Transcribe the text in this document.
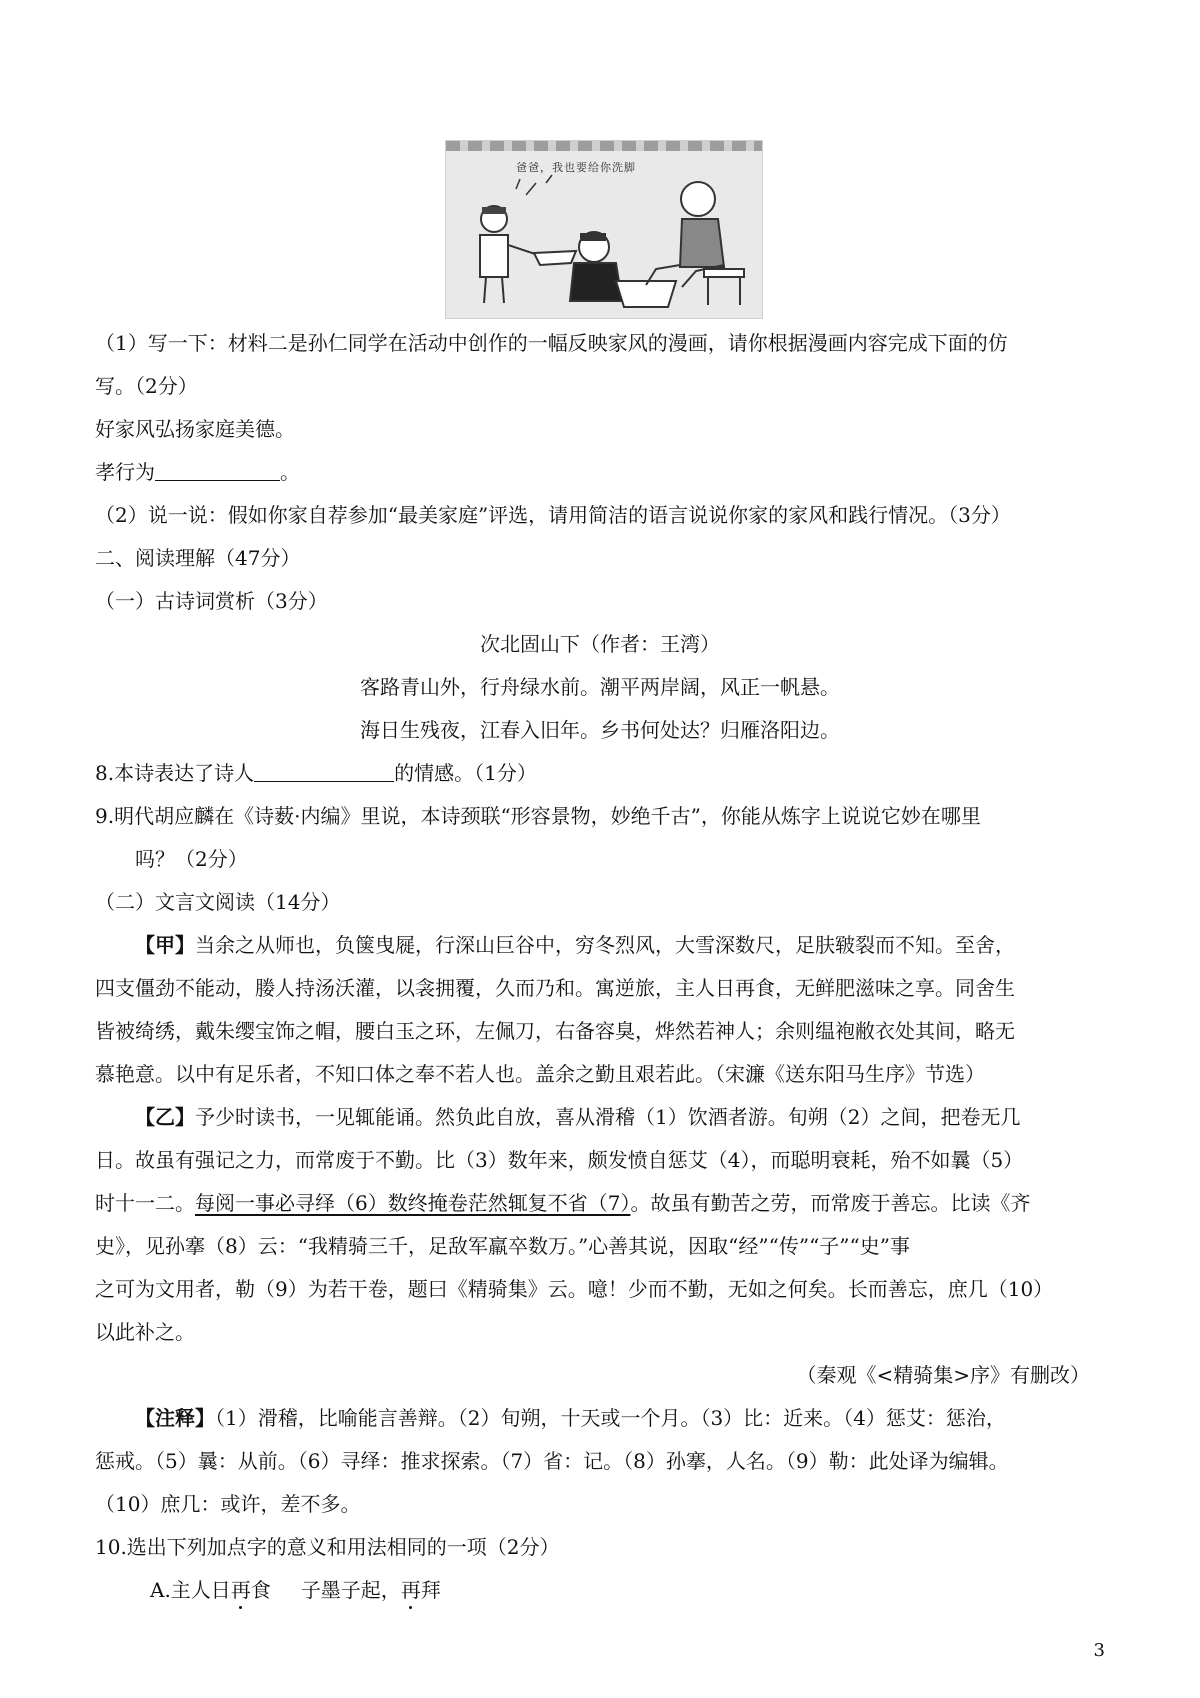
爸爸，我也要给你洗脚
（1）写一下：材料二是孙仁同学在活动中创作的一幅反映家风的漫画，请你根据漫画内容完成下面的仿
写。（2分）
好家风弘扬家庭美德。
孝行为	。
（2）说一说：假如你家自荐参加“最美家庭”评选，请用简洁的语言说说你家的家风和践行情况。（3分）
二、阅读理解（47分）
（一）古诗词赏析（3分）
次北固山下（作者：王湾）
客路青山外，行舟绿水前。潮平两岸阔，风正一帆悬。
海日生残夜，江春入旧年。乡书何处达？归雁洛阳边。
8.本诗表达了诗人	的情感。（1分）
9.明代胡应麟在《诗薮·内编》里说，本诗颈联“形容景物，妙绝千古”，你能从炼字上说说它妙在哪里
吗？（2分）
（二）文言文阅读（14分）
【甲】当余之从师也，负箧曳屣，行深山巨谷中，穷冬烈风，大雪深数尺，足肤皲裂而不知。至舍，
四支僵劲不能动，媵人持汤沃灌，以衾拥覆，久而乃和。寓逆旅，主人日再食，无鲜肥滋味之享。同舍生
皆被绮绣，戴朱缨宝饰之帽，腰白玉之环，左佩刀，右备容臭，烨然若神人；余则缊袍敝衣处其间，略无
慕艳意。以中有足乐者，不知口体之奉不若人也。盖余之勤且艰若此。（宋濂《送东阳马生序》节选）
【乙】予少时读书，一见辄能诵。然负此自放，喜从滑稽（1）饮酒者游。旬朔（2）之间，把卷无几
日。故虽有强记之力，而常废于不勤。比（3）数年来，颇发愤自惩艾（4），而聪明衰耗，殆不如曩（5）
时十一二。每阅一事必寻绎（6）数终掩卷茫然辄复不省（7）。故虽有勤苦之劳，而常废于善忘。比读《齐
史》，见孙搴（8）云：“我精骑三千，足敌军羸卒数万。”心善其说，因取“经”“传”“子”“史”事
之可为文用者，勒（9）为若干卷，题曰《精骑集》云。噫！少而不勤，无如之何矣。长而善忘，庶几（10）
以此补之。
（秦观《<精骑集>序》有删改）
【注释】（1）滑稽，比喻能言善辩。（2）旬朔，十天或一个月。（3）比：近来。（4）惩艾：惩治，
惩戒。（5）曩：从前。（6）寻绎：推求探索。（7）省：记。（8）孙搴，人名。（9）勒：此处译为编辑。
（10）庶几：或许，差不多。
10.选出下列加点字的意义和用法相同的一项（2分）
A.主人日再食 子墨子起，再拜
3
